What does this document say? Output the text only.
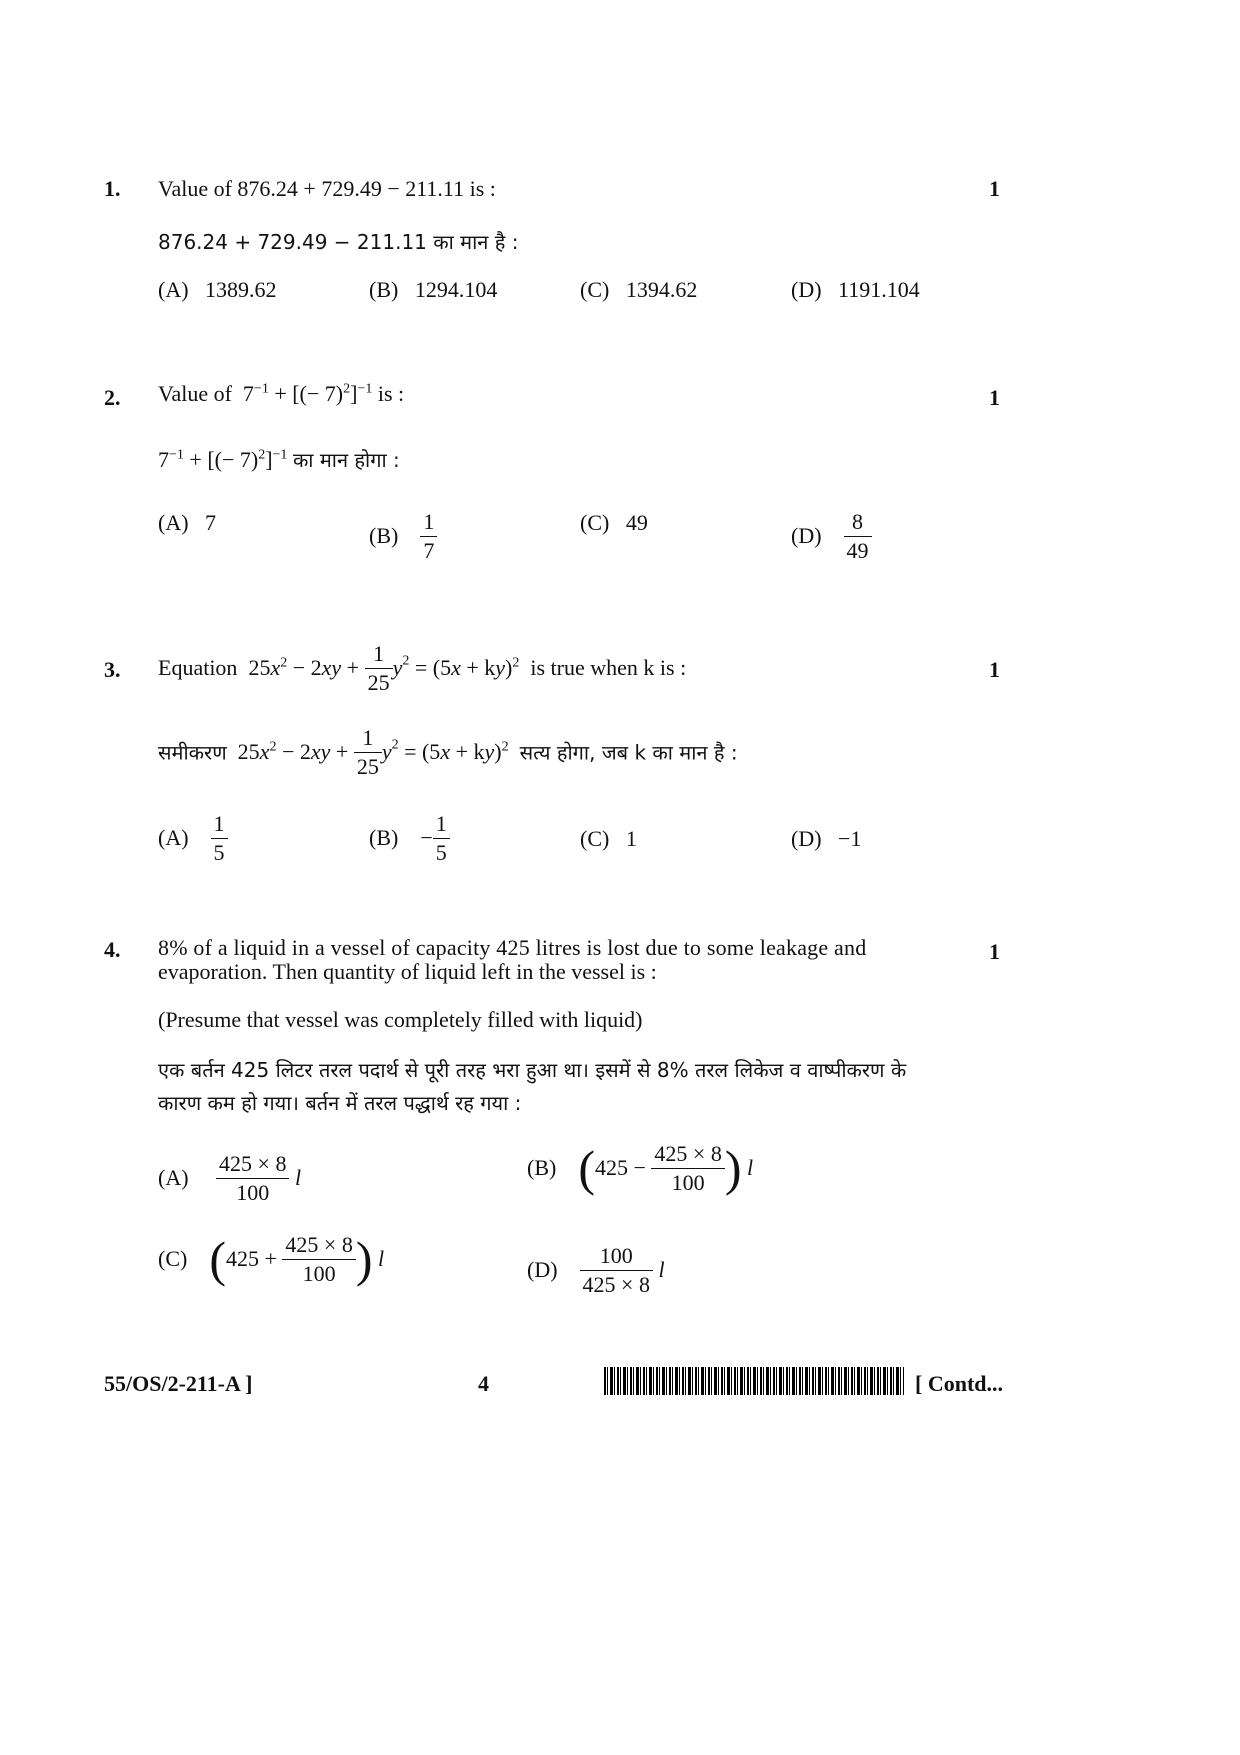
1. Value of 876.24 + 729.49 − 211.11 is :	1
876.24 + 729.49 − 211.11 का मान है :
(A) 1389.62	(B) 1294.104	(C) 1394.62	(D) 1191.104
2. Value of  $7^{-1}$ + [(− 7)$^2$]$^{-1}$ is :	1
$7^{-1}$ + [(− 7)$^2$]$^{-1}$ का मान होगा :
(A) 7
$(B) \frac{1}{7}$	(C) 49
$(D) \frac{8}{49}$
3. Equation  $25x^2 - 2xy + \frac{1}{25} y^2 = (5x + ky)^2$ is true when k is :	1
समीकरण  $25x^2 - 2xy + \frac{1}{25} y^2 = (5x + ky)^2$ सत्य होगा, जब k का मान है :
$(A) \frac{1}{5}$	$(B) - \frac{1}{5}$	(C) 1	(D) −1
4. 8% of a liquid in a vessel of capacity 425 litres is lost due to some leakage and	1
evaporation. Then quantity of liquid left in the vessel is :
(Presume that vessel was completely filled with liquid)
एक बर्तन 425 लिटर तरल पदार्थ से पूरी तरह भरा हुआ था। इसमें से 8% तरल लिकेज व वाष्पीकरण के
कारण कम हो गया। बर्तन में तरल पद्धार्थ रह गया :
$(A) \frac{425 \times 8}{100}$ l	(B) ($425 - \frac{425 \times 8}{100}$ ) l
(C) ($425 + \frac{425 \times 8}{100}$ ) l	$(D) \frac{100}{425 \times 8}$ l
55/OS/2-211-A ]	4	[ Contd...
